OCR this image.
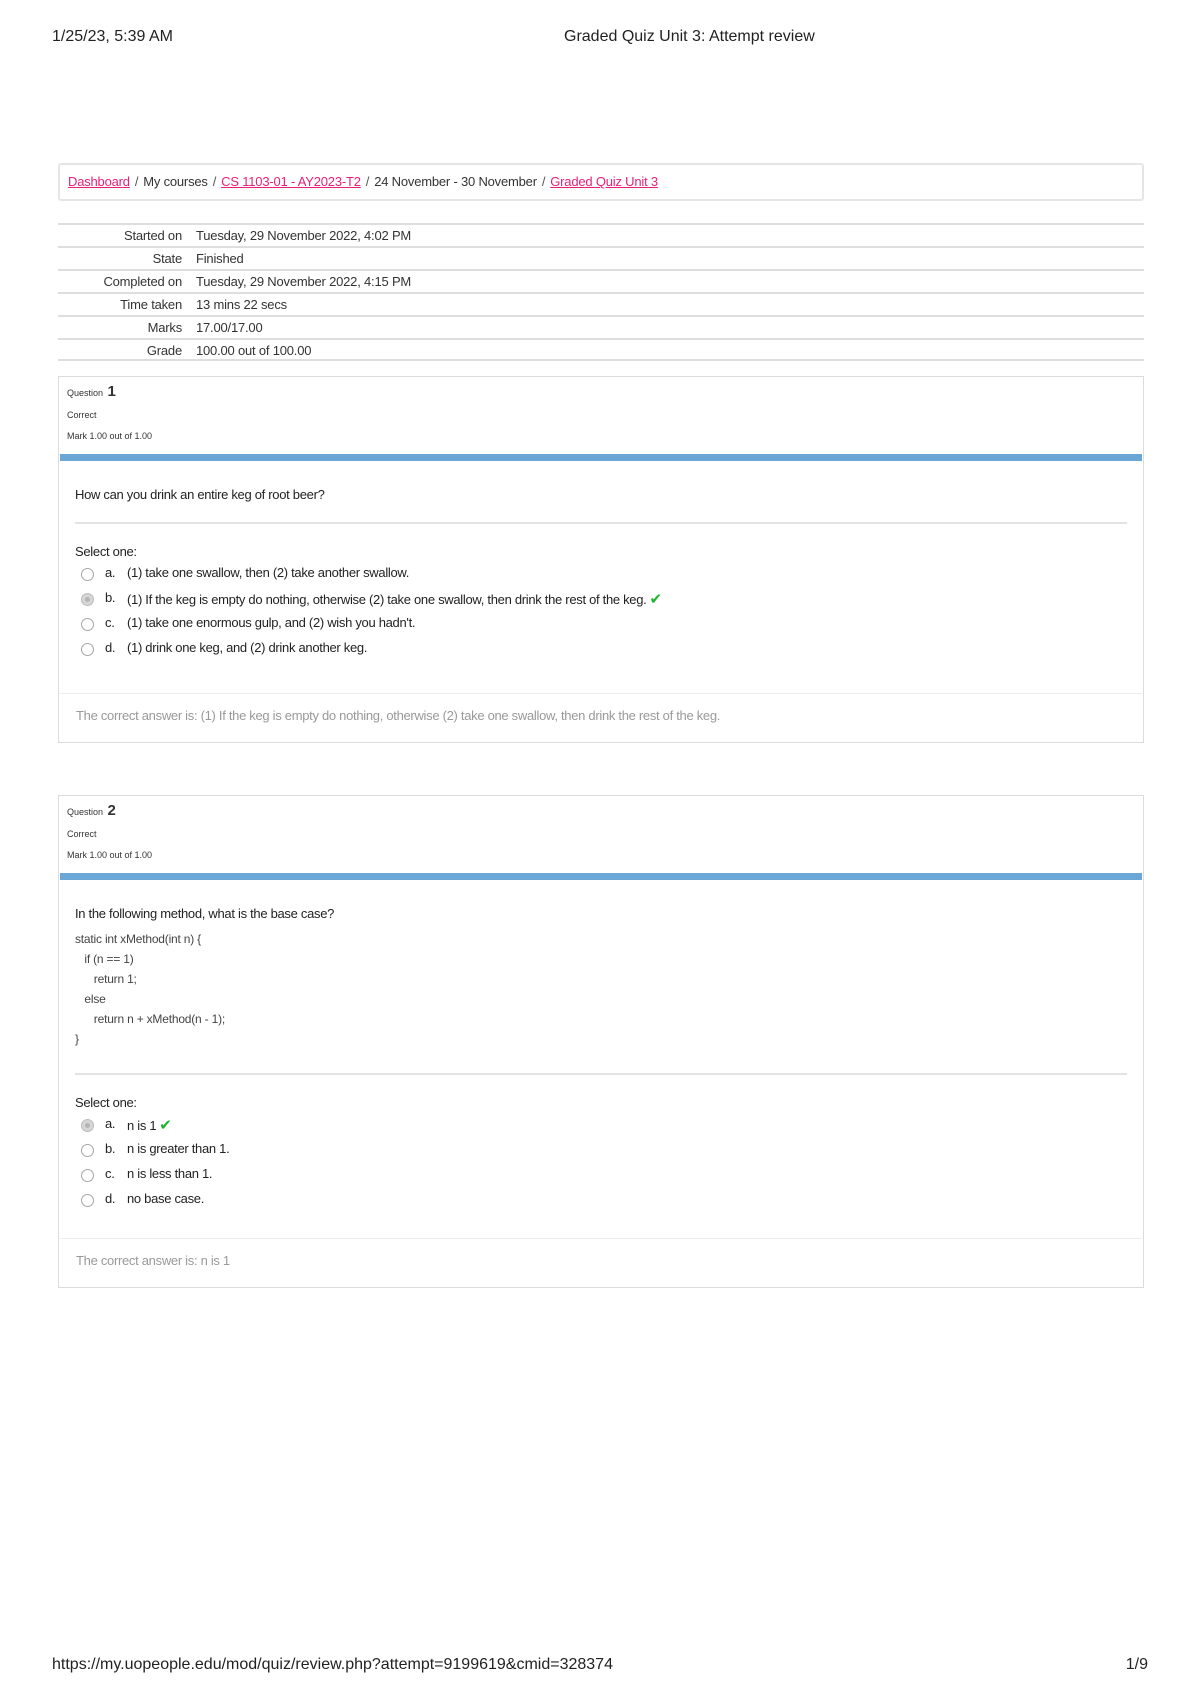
1/25/23, 5:39 AM	Graded Quiz Unit 3: Attempt review
Dashboard / My courses / CS 1103-01 - AY2023-T2 / 24 November - 30 November / Graded Quiz Unit 3
Started on Tuesday, 29 November 2022, 4:02 PM
State Finished
Completed on Tuesday, 29 November 2022, 4:15 PM
Time taken 13 mins 22 secs
Marks 17.00/17.00
Grade 100.00 out of 100.00
Question 1
Correct
Mark 1.00 out of 1.00
How can you drink an entire keg of root beer?
Select one:
a. (1) take one swallow, then (2) take another swallow.
b. (1) If the keg is empty do nothing, otherwise (2) take one swallow, then drink the rest of the keg. ✔
c. (1) take one enormous gulp, and (2) wish you hadn't.
d. (1) drink one keg, and (2) drink another keg.
The correct answer is: (1) If the keg is empty do nothing, otherwise (2) take one swallow, then drink the rest of the keg.
Question 2
Correct
Mark 1.00 out of 1.00
In the following method, what is the base case?
static int xMethod(int n) {
if (n == 1)
return 1;
else
return n + xMethod(n - 1);
}
Select one:
a. n is 1 ✔
b. n is greater than 1.
c. n is less than 1.
d. no base case.
The correct answer is: n is 1
https://my.uopeople.edu/mod/quiz/review.php?attempt=9199619&cmid=328374	1/9
